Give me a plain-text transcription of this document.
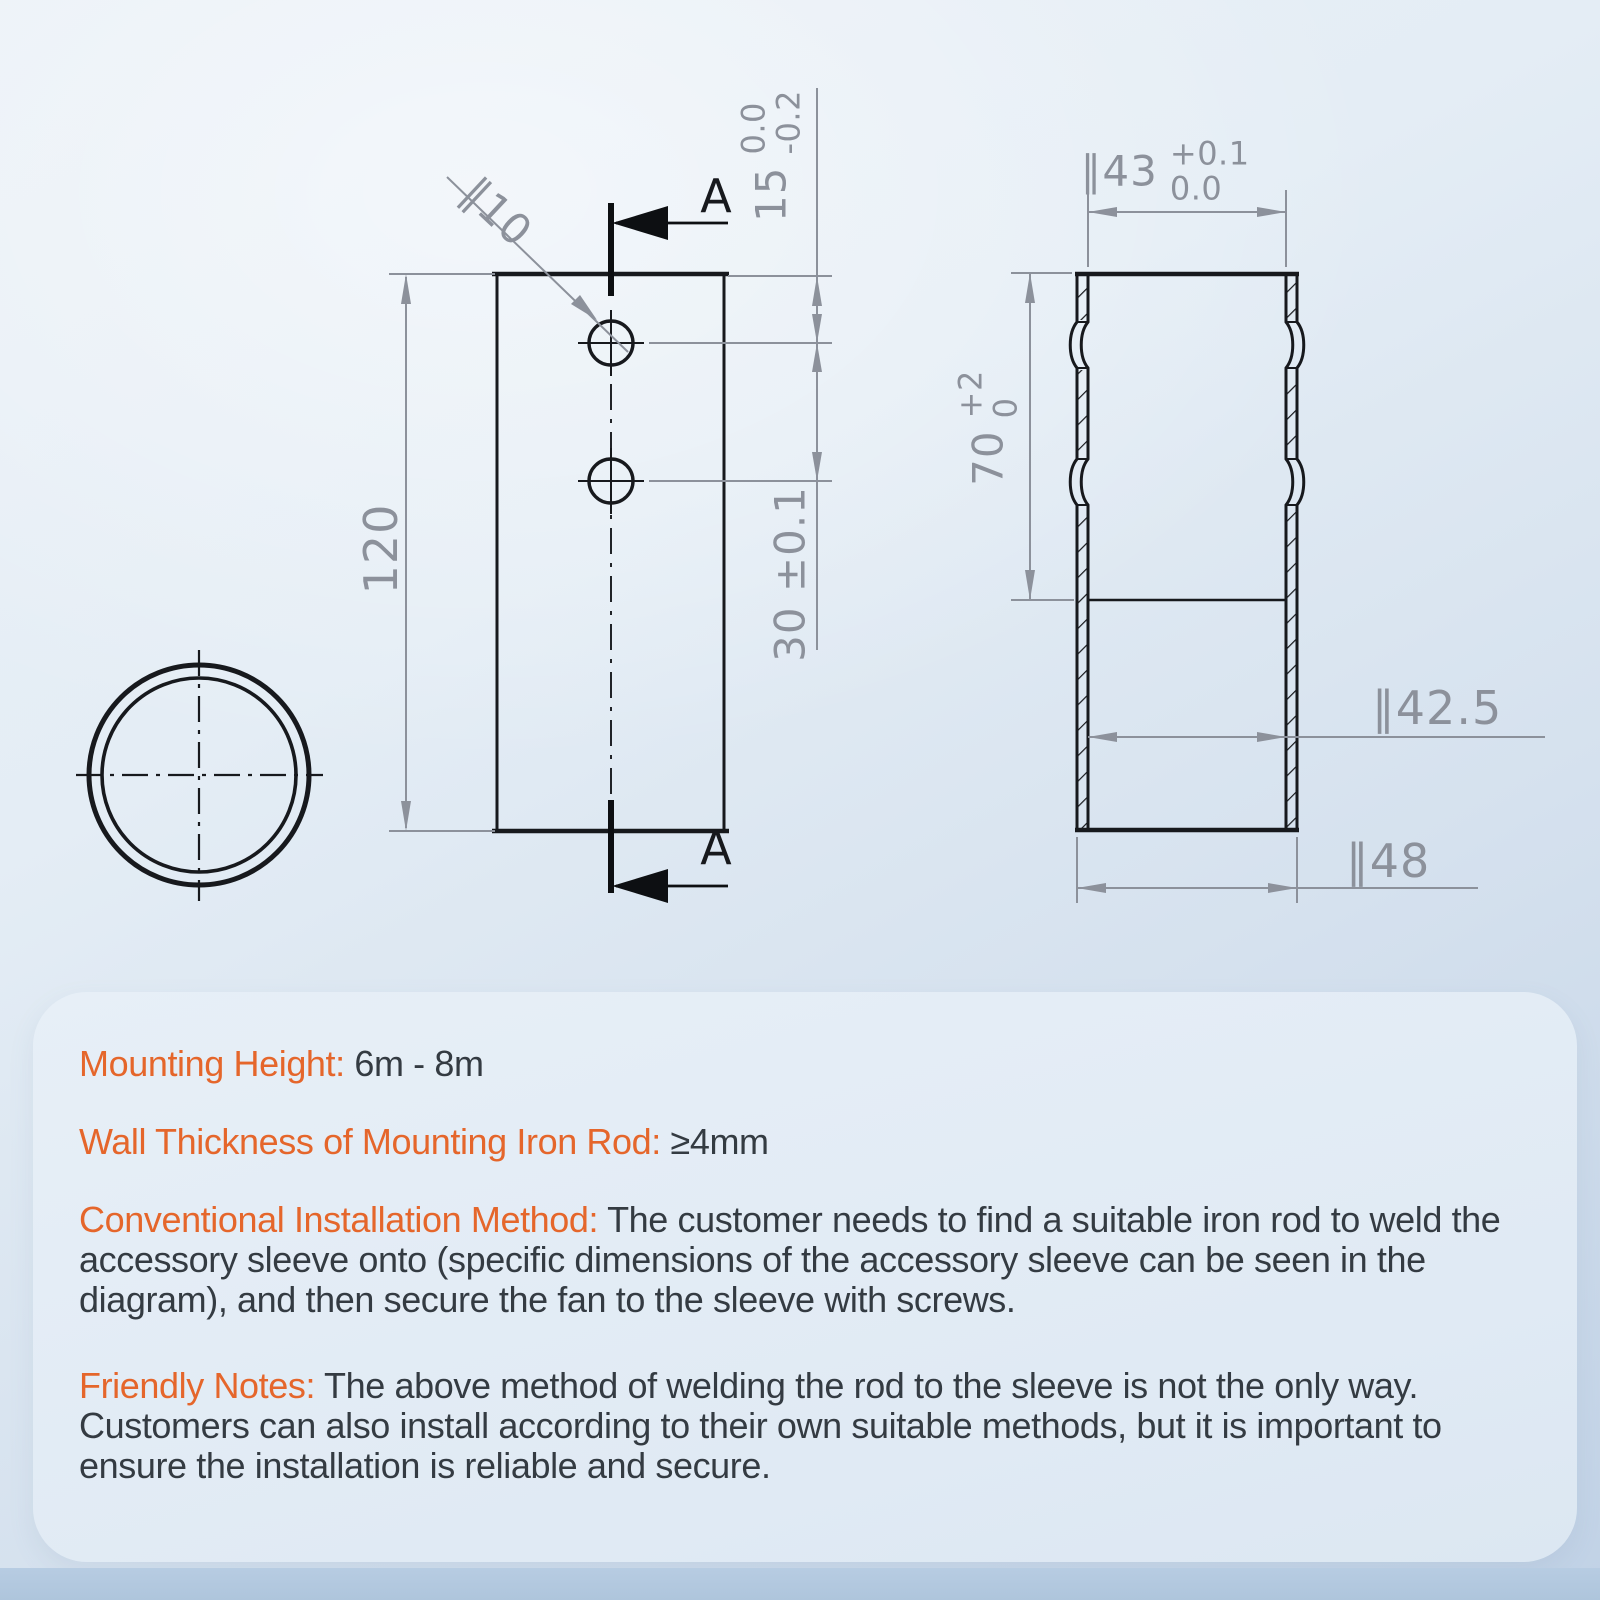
∥10
120
15
0.0
-0.2
30 ±0.1
A
A
∥43 +0.1
0.0
70
+2
0
∥42.5
∥48

Mounting Height: 6m - 8m

Wall Thickness of Mounting Iron Rod: ≥4mm

Conventional Installation Method: The customer needs to find a suitable iron rod to weld the accessory sleeve onto (specific dimensions of the accessory sleeve can be seen in the diagram), and then secure the fan to the sleeve with screws.

Friendly Notes: The above method of welding the rod to the sleeve is not the only way. Customers can also install according to their own suitable methods, but it is important to ensure the installation is reliable and secure.
